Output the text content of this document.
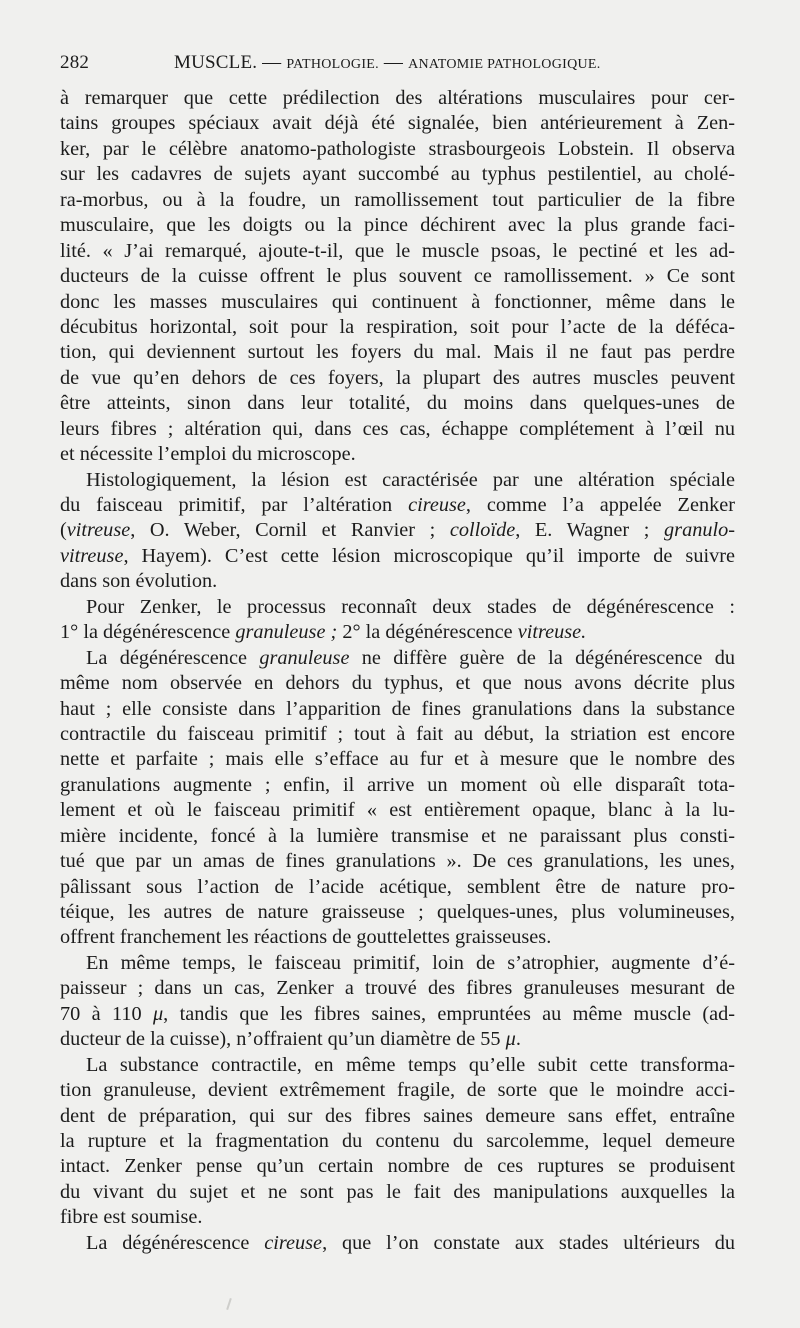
282	MUSCLE. — PATHOLOGIE. — ANATOMIE PATHOLOGIQUE.
à remarquer que cette prédilection des altérations musculaires pour cer-
tains groupes spéciaux avait déjà été signalée, bien antérieurement à Zen-
ker, par le célèbre anatomo-pathologiste strasbourgeois Lobstein. Il observa
sur les cadavres de sujets ayant succombé au typhus pestilentiel, au cholé-
ra-morbus, ou à la foudre, un ramollissement tout particulier de la fibre
musculaire, que les doigts ou la pince déchirent avec la plus grande faci-
lité. « J’ai remarqué, ajoute-t-il, que le muscle psoas, le pectiné et les ad-
ducteurs de la cuisse offrent le plus souvent ce ramollissement. » Ce sont
donc les masses musculaires qui continuent à fonctionner, même dans le
décubitus horizontal, soit pour la respiration, soit pour l’acte de la déféca-
tion, qui deviennent surtout les foyers du mal. Mais il ne faut pas perdre
de vue qu’en dehors de ces foyers, la plupart des autres muscles peuvent
être atteints, sinon dans leur totalité, du moins dans quelques-unes de
leurs fibres ; altération qui, dans ces cas, échappe complétement à l’œil nu
et nécessite l’emploi du microscope.
Histologiquement, la lésion est caractérisée par une altération spéciale
du faisceau primitif, par l’altération cireuse, comme l’a appelée Zenker
(vitreuse, O. Weber, Cornil et Ranvier ; colloïde, E. Wagner ; granulo-
vitreuse, Hayem). C’est cette lésion microscopique qu’il importe de suivre
dans son évolution.
Pour Zenker, le processus reconnaît deux stades de dégénérescence :
1° la dégénérescence granuleuse ; 2° la dégénérescence vitreuse.
La dégénérescence granuleuse ne diffère guère de la dégénérescence du
même nom observée en dehors du typhus, et que nous avons décrite plus
haut ; elle consiste dans l’apparition de fines granulations dans la substance
contractile du faisceau primitif ; tout à fait au début, la striation est encore
nette et parfaite ; mais elle s’efface au fur et à mesure que le nombre des
granulations augmente ; enfin, il arrive un moment où elle disparaît tota-
lement et où le faisceau primitif « est entièrement opaque, blanc à la lu-
mière incidente, foncé à la lumière transmise et ne paraissant plus consti-
tué que par un amas de fines granulations ». De ces granulations, les unes,
pâlissant sous l’action de l’acide acétique, semblent être de nature pro-
téique, les autres de nature graisseuse ; quelques-unes, plus volumineuses,
offrent franchement les réactions de gouttelettes graisseuses.
En même temps, le faisceau primitif, loin de s’atrophier, augmente d’é-
paisseur ; dans un cas, Zenker a trouvé des fibres granuleuses mesurant de
70 à 110 μ, tandis que les fibres saines, empruntées au même muscle (ad-
ducteur de la cuisse), n’offraient qu’un diamètre de 55 μ.
La substance contractile, en même temps qu’elle subit cette transforma-
tion granuleuse, devient extrêmement fragile, de sorte que le moindre acci-
dent de préparation, qui sur des fibres saines demeure sans effet, entraîne
la rupture et la fragmentation du contenu du sarcolemme, lequel demeure
intact. Zenker pense qu’un certain nombre de ces ruptures se produisent
du vivant du sujet et ne sont pas le fait des manipulations auxquelles la
fibre est soumise.
La dégénérescence cireuse, que l’on constate aux stades ultérieurs du
